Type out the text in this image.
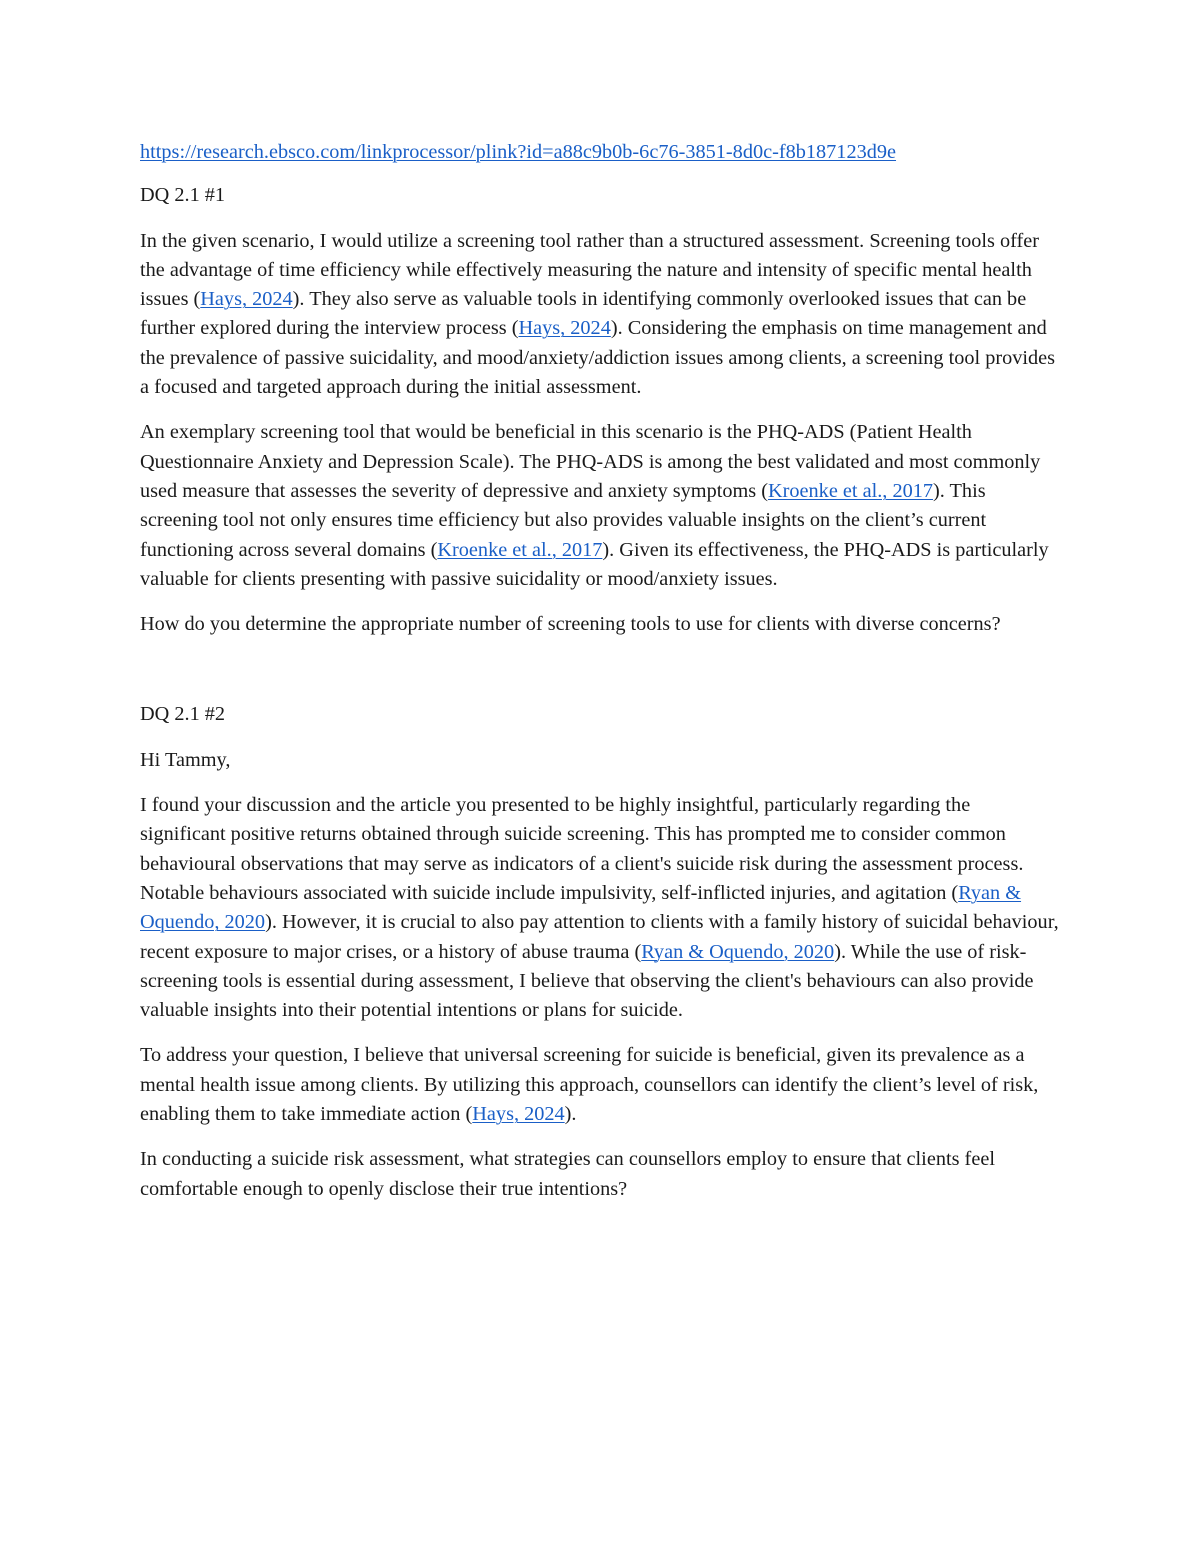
https://research.ebsco.com/linkprocessor/plink?id=a88c9b0b-6c76-3851-8d0c-f8b187123d9e

DQ 2.1 #1

In the given scenario, I would utilize a screening tool rather than a structured assessment. Screening tools offer the advantage of time efficiency while effectively measuring the nature and intensity of specific mental health issues (Hays, 2024). They also serve as valuable tools in identifying commonly overlooked issues that can be further explored during the interview process (Hays, 2024). Considering the emphasis on time management and the prevalence of passive suicidality, and mood/anxiety/addiction issues among clients, a screening tool provides a focused and targeted approach during the initial assessment.

An exemplary screening tool that would be beneficial in this scenario is the PHQ-ADS (Patient Health Questionnaire Anxiety and Depression Scale). The PHQ-ADS is among the best validated and most commonly used measure that assesses the severity of depressive and anxiety symptoms (Kroenke et al., 2017). This screening tool not only ensures time efficiency but also provides valuable insights on the client’s current functioning across several domains (Kroenke et al., 2017). Given its effectiveness, the PHQ-ADS is particularly valuable for clients presenting with passive suicidality or mood/anxiety issues.

How do you determine the appropriate number of screening tools to use for clients with diverse concerns?

DQ 2.1 #2

Hi Tammy,

I found your discussion and the article you presented to be highly insightful, particularly regarding the significant positive returns obtained through suicide screening. This has prompted me to consider common behavioural observations that may serve as indicators of a client's suicide risk during the assessment process. Notable behaviours associated with suicide include impulsivity, self-inflicted injuries, and agitation (Ryan & Oquendo, 2020). However, it is crucial to also pay attention to clients with a family history of suicidal behaviour, recent exposure to major crises, or a history of abuse trauma (Ryan & Oquendo, 2020). While the use of risk-screening tools is essential during assessment, I believe that observing the client's behaviours can also provide valuable insights into their potential intentions or plans for suicide.

To address your question, I believe that universal screening for suicide is beneficial, given its prevalence as a mental health issue among clients. By utilizing this approach, counsellors can identify the client’s level of risk, enabling them to take immediate action (Hays, 2024).

In conducting a suicide risk assessment, what strategies can counsellors employ to ensure that clients feel comfortable enough to openly disclose their true intentions?
